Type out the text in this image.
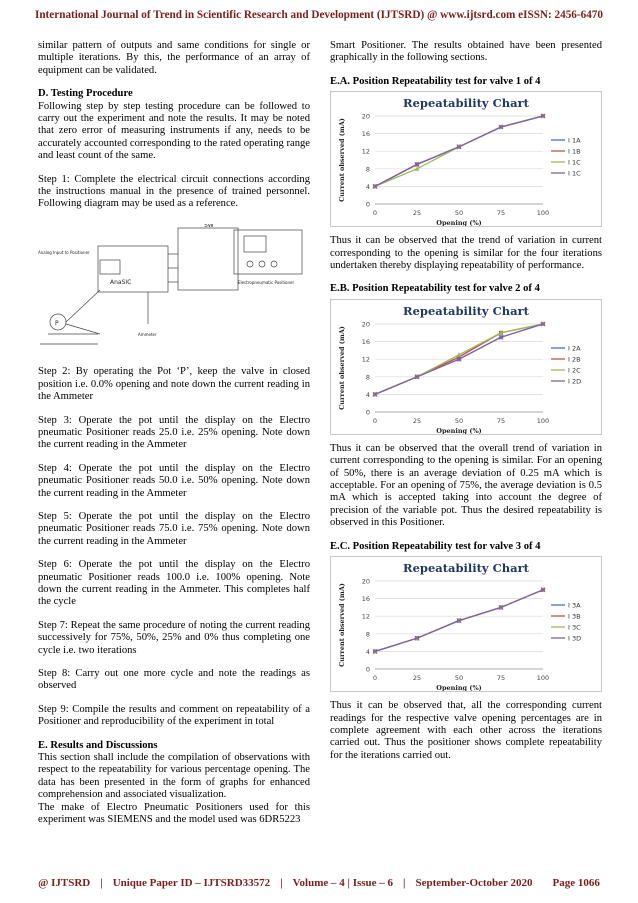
International Journal of Trend in Scientific Research and Development (IJTSRD) @ www.ijtsrd.com eISSN: 2456-6470

similar pattern of outputs and same conditions for single or multiple iterations. By this, the performance of an array of equipment can be validated.

D. Testing Procedure

Following step by step testing procedure can be followed to carry out the experiment and note the results. It may be noted that zero error of measuring instruments if any, needs to be accurately accounted corresponding to the rated operating range and least count of the same.

Step 1: Complete the electrical circuit connections according the instructions manual in the presence of trained personnel. Following diagram may be used as a reference.

SW
AnaSIC
P
Analog Input to Positioner
Ammeter
Electropneumatic Positioner

Step 2: By operating the Pot ‘P’, keep the valve in closed position i.e. 0.0% opening and note down the current reading in the Ammeter

Step 3: Operate the pot until the display on the Electro pneumatic Positioner reads 25.0 i.e. 25% opening. Note down the current reading in the Ammeter

Step 4: Operate the pot until the display on the Electro pneumatic Positioner reads 50.0 i.e. 50% opening. Note down the current reading in the Ammeter

Step 5: Operate the pot until the display on the Electro pneumatic Positioner reads 75.0 i.e. 75% opening. Note down the current reading in the Ammeter

Step 6: Operate the pot until the display on the Electro pneumatic Positioner reads 100.0 i.e. 100% opening. Note down the current reading in the Ammeter. This completes half the cycle

Step 7: Repeat the same procedure of noting the current reading successively for 75%, 50%, 25% and 0% thus completing one cycle i.e. two iterations

Step 8: Carry out one more cycle and note the readings as observed

Step 9: Compile the results and comment on repeatability of a Positioner and reproducibility of the experiment in total

E. Results and Discussions

This section shall include the compilation of observations with respect to the repeatability for various percentage opening. The data has been presented in the form of graphs for enhanced comprehension and associated visualization.

The make of Electro Pneumatic Positioners used for this experiment was SIEMENS and the model used was 6DR5223

Smart Positioner. The results obtained have been presented graphically in the following sections.

E.A. Position Repeatability test for valve 1 of 4
Repeatability Chart
0
4
8
12
16
20
0	25	50	75	100
Opening (%)
Current observed (mA)	I 1A
I 1B
I 1C
I 1C

Thus it can be observed that the trend of variation in current corresponding to the opening is similar for the four iterations undertaken thereby displaying repeatability of performance.

E.B. Position Repeatability test for valve 2 of 4
Repeatability Chart
0
4
8
12
16
20
0	25	50	75	100
Opening (%)
Current observed (mA)	I 2A
I 2B
I 2C
I 2D

Thus it can be observed that the overall trend of variation in current corresponding to the opening is similar. For an opening of 50%, there is an average deviation of 0.25 mA which is acceptable. For an opening of 75%, the average deviation is 0.5 mA which is accepted taking into account the degree of precision of the variable pot. Thus the desired repeatability is observed in this Positioner.

E.C. Position Repeatability test for valve 3 of 4
Repeatability Chart
0
4
8
12
16
20
0	25	50	75	100
Opening (%)
Current observed (mA)	I 3A
I 3B
I 3C
I 3D

Thus it can be observed that, all the corresponding current readings for the respective valve opening percentages are in complete agreement with each other across the iterations carried out. Thus the positioner shows complete repeatability for the iterations carried out.

@ IJTSRD | Unique Paper ID – IJTSRD33572 | Volume – 4 | Issue – 6 | September-October 2020 Page 1066
